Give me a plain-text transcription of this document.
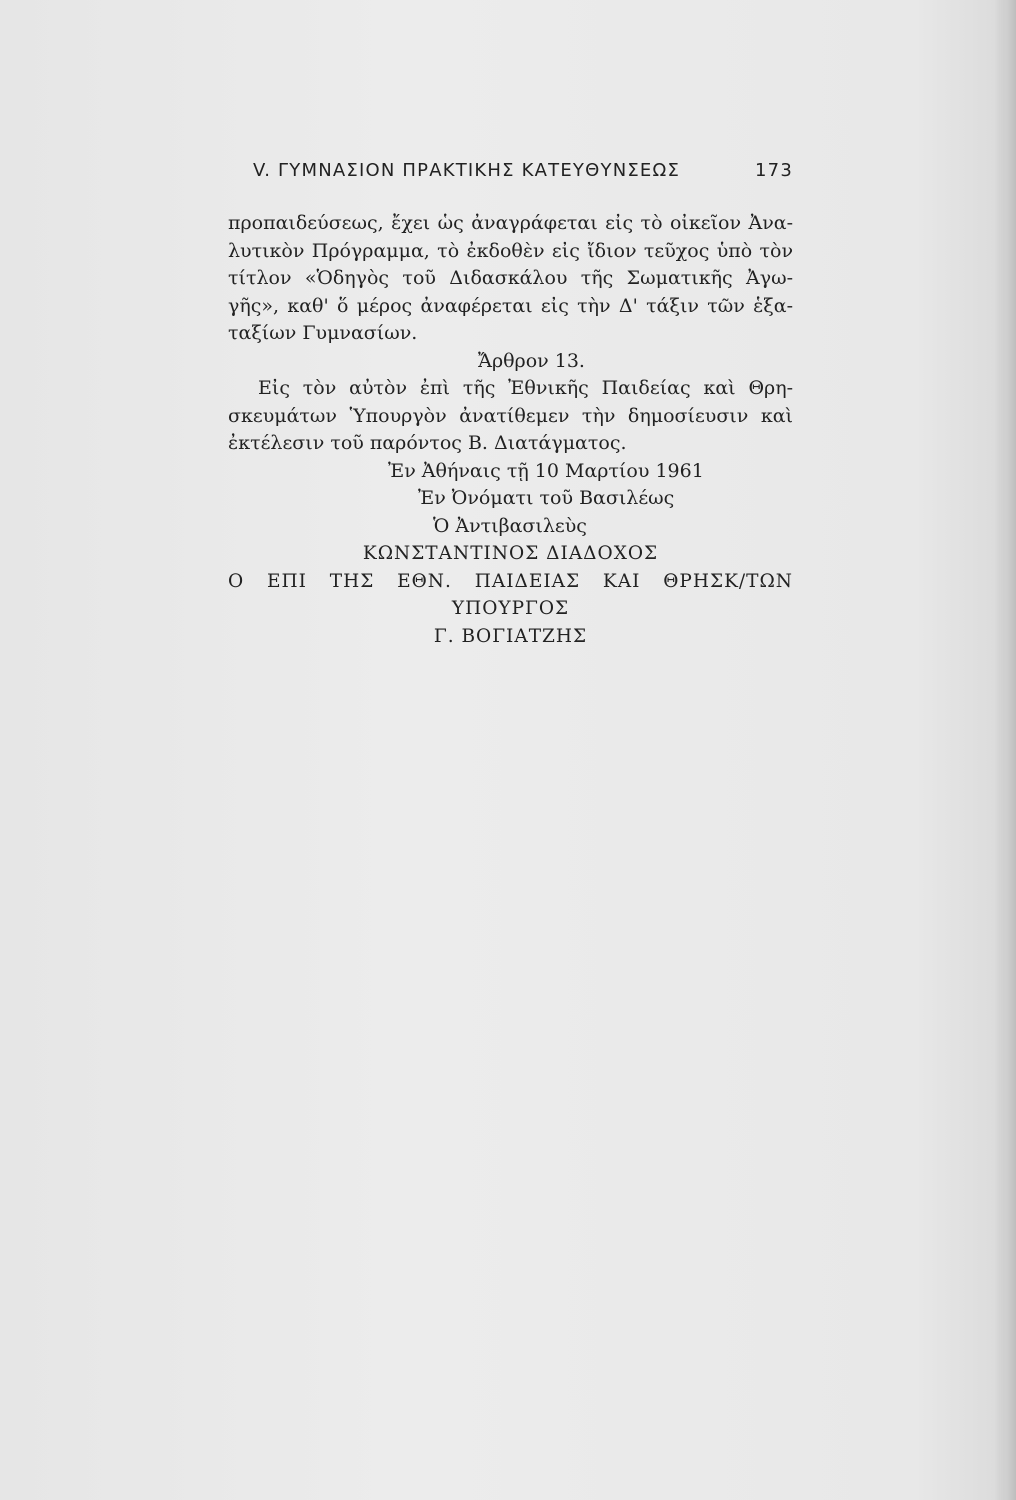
V. ΓΥΜΝΑΣΙΟΝ ΠΡΑΚΤΙΚΗΣ ΚΑΤΕΥΘΥΝΣΕΩΣ	173
προπαιδεύσεως, ἔχει ὡς ἀναγράφεται εἰς τὸ οἰκεῖον Ἀνα-
λυτικὸν Πρόγραμμα, τὸ ἐκδοθὲν εἰς ἴδιον τεῦχος ὑπὸ τὸν
τίτλον «Ὁδηγὸς τοῦ Διδασκάλου τῆς Σωματικῆς Ἀγω-
γῆς», καθ' ὅ μέρος ἀναφέρεται εἰς τὴν Δ' τάξιν τῶν ἑξα-
ταξίων Γυμνασίων.
Ἄρθρον 13.
Εἰς τὸν αὐτὸν ἐπὶ τῆς Ἐθνικῆς Παιδείας καὶ Θρη-
σκευμάτων Ὑπουργὸν ἀνατίθεμεν τὴν δημοσίευσιν καὶ
ἐκτέλεσιν τοῦ παρόντος Β. Διατάγματος.
Ἐν Ἀθήναις τῇ 10 Μαρτίου 1961
Ἐν Ὀνόματι τοῦ Βασιλέως
Ὁ Ἀντιβασιλεὺς
ΚΩΝΣΤΑΝΤΙΝΟΣ ΔΙΑΔΟΧΟΣ
Ο ΕΠΙ ΤΗΣ ΕΘΝ. ΠΑΙΔΕΙΑΣ ΚΑΙ ΘΡΗΣΚ/ΤΩΝ
ΥΠΟΥΡΓΟΣ
Γ. ΒΟΓΙΑΤΖΗΣ
